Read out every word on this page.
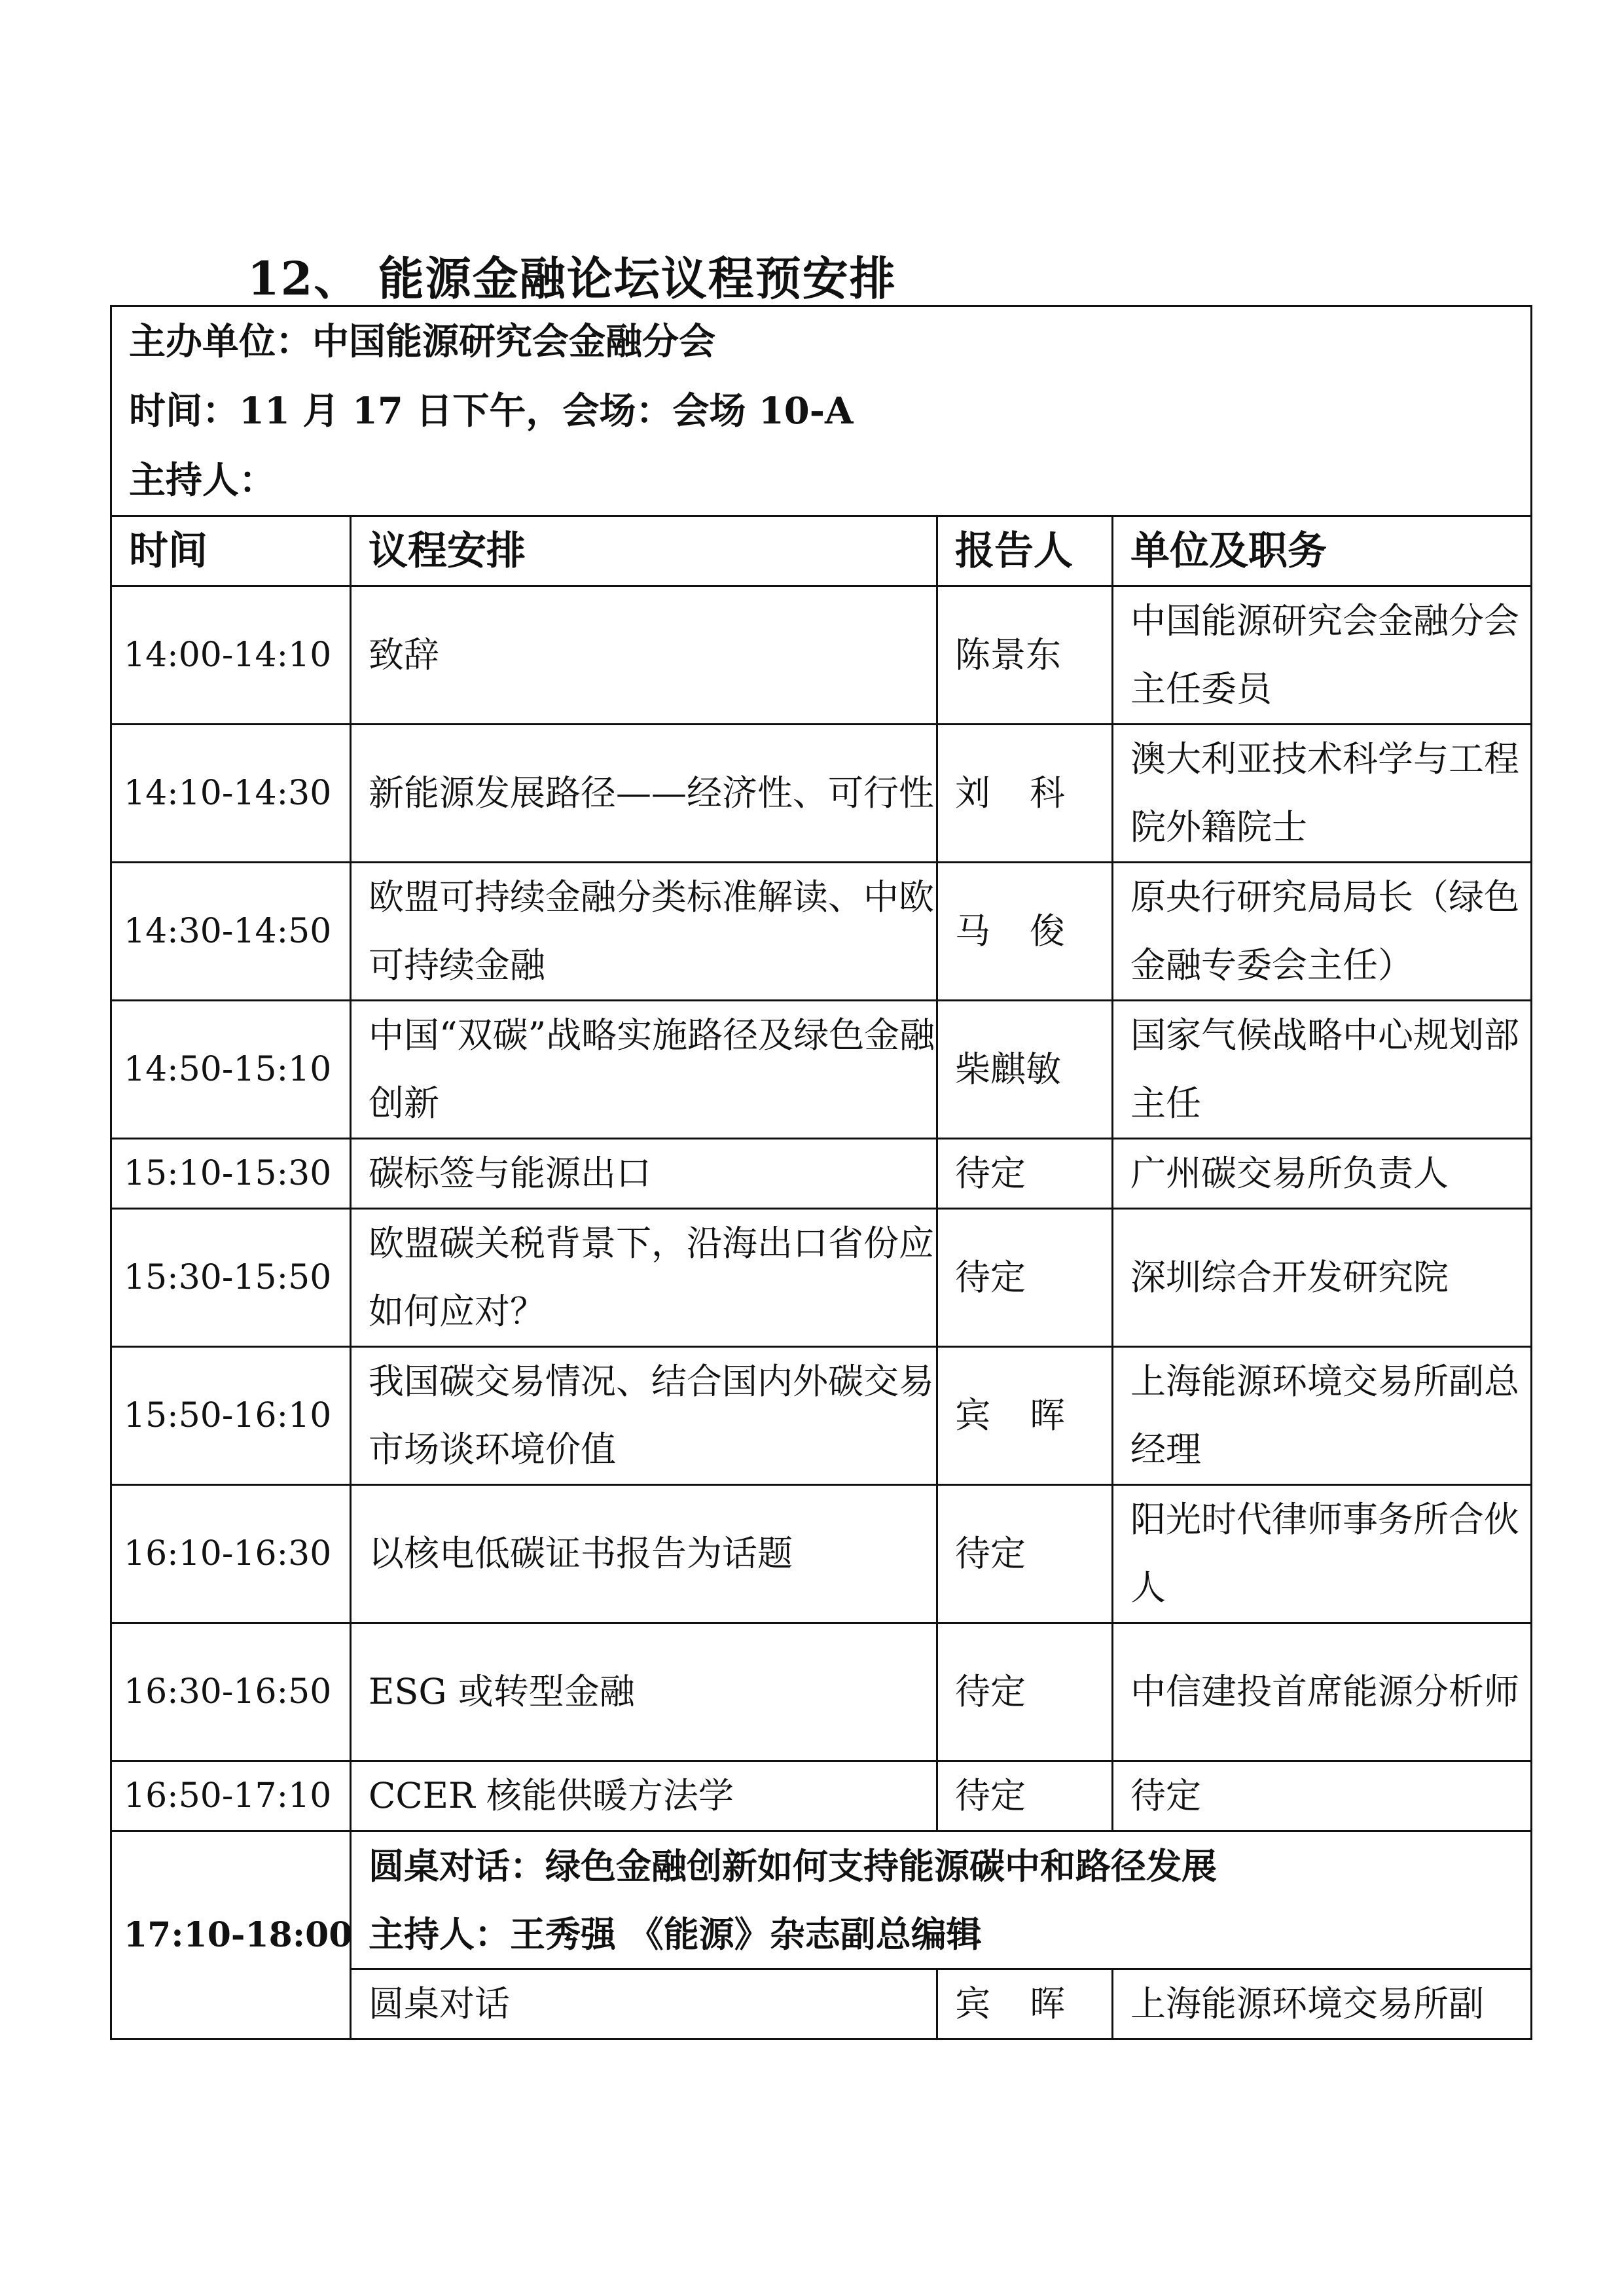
12、 能源金融论坛议程预安排
主办单位：中国能源研究会金融分会
时间：11 月 17 日下午，会场：会场 10-A
主持人：			

时间	议程安排	报告人	单位及职务
14:00-14:10	致辞	陈景东	中国能源研究会金融分会主任委员
14:10-14:30	新能源发展路径——经济性、可行性	刘科	澳大利亚技术科学与工程院外籍院士
14:30-14:50	欧盟可持续金融分类标准解读、中欧可持续金融	马俊	原央行研究局局长（绿色金融专委会主任）
14:50-15:10	中国“双碳”战略实施路径及绿色金融创新	柴麒敏	国家气候战略中心规划部主任
15:10-15:30	碳标签与能源出口	待定	广州碳交易所负责人
15:30-15:50	欧盟碳关税背景下，沿海出口省份应如何应对？	待定	深圳综合开发研究院
15:50-16:10	我国碳交易情况、结合国内外碳交易市场谈环境价值	宾晖	上海能源环境交易所副总经理
16:10-16:30	以核电低碳证书报告为话题	待定	阳光时代律师事务所合伙人
16:30-16:50	ESG 或转型金融	待定	中信建投首席能源分析师
16:50-17:10	CCER 核能供暖方法学	待定	待定
17:10-18:00	圆桌对话：绿色金融创新如何支持能源碳中和路径发展
主持人：王秀强 《能源》杂志副总编辑		

	圆桌对话	宾晖	上海能源环境交易所副
